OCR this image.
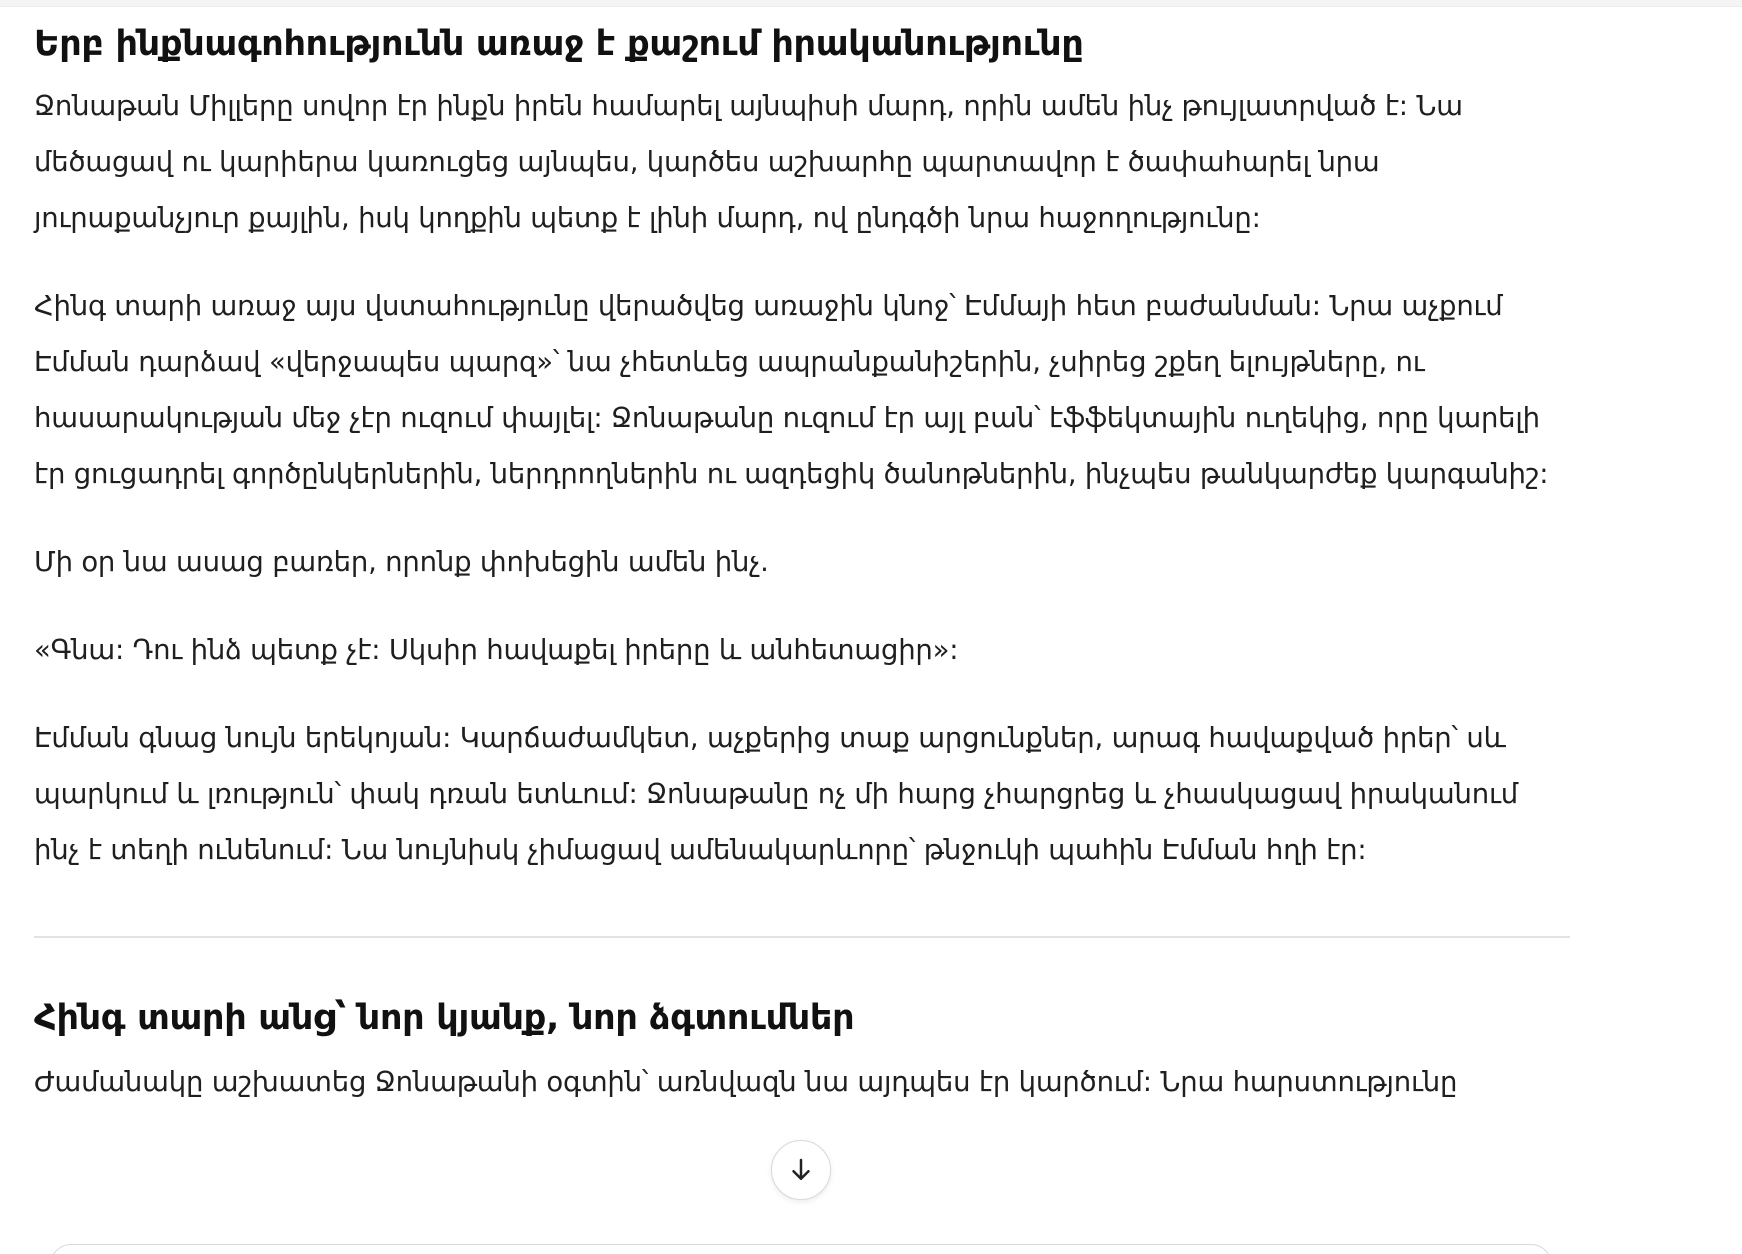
Երբ ինքնագոհությունն առաջ է քաշում իրականությունը

Ջոնաթան Միլլերը սովոր էր ինքն իրեն համարել այնպիսի մարդ, որին ամեն ինչ թույլատրված է: Նա մեծացավ ու կարիերա կառուցեց այնպես, կարծես աշխարհը պարտավոր է ծափահարել նրա յուրաքանչյուր քայլին, իսկ կողքին պետք է լինի մարդ, ով ընդգծի նրա հաջողությունը:

Հինգ տարի առաջ այս վստահությունը վերածվեց առաջին կնոջ՝ Էմմայի հետ բաժանման: Նրա աչքում Էմման դարձավ «վերջապես պարզ»՝ նա չհետևեց ապրանքանիշերին, չսիրեց շքեղ ելույթները, ու հասարակության մեջ չէր ուզում փայլել: Ջոնաթանը ուզում էր այլ բան՝ էֆֆեկտային ուղեկից, որը կարելի էր ցուցադրել գործընկերներին, ներդրողներին ու ազդեցիկ ծանոթներին, ինչպես թանկարժեք կարգանիշ:

Մի օր նա ասաց բառեր, որոնք փոխեցին ամեն ինչ.

«Գնա: Դու ինձ պետք չէ: Սկսիր հավաքել իրերը և անհետացիր»:

Էմման գնաց նույն երեկոյան: Կարճաժամկետ, աչքերից տաք արցունքներ, արագ հավաքված իրեր՝ սև պարկում և լռություն՝ փակ դռան ետևում: Ջոնաթանը ոչ մի հարց չհարցրեց և չհասկացավ իրականում ինչ է տեղի ունենում: Նա նույնիսկ չիմացավ ամենակարևորը՝ թնջուկի պահին Էմման հղի էր:

Հինգ տարի անց՝ նոր կյանք, նոր ձգտումներ

Ժամանակը աշխատեց Ջոնաթանի օգտին՝ առնվազն նա այդպես էր կարծում: Նրա հարստությունը
